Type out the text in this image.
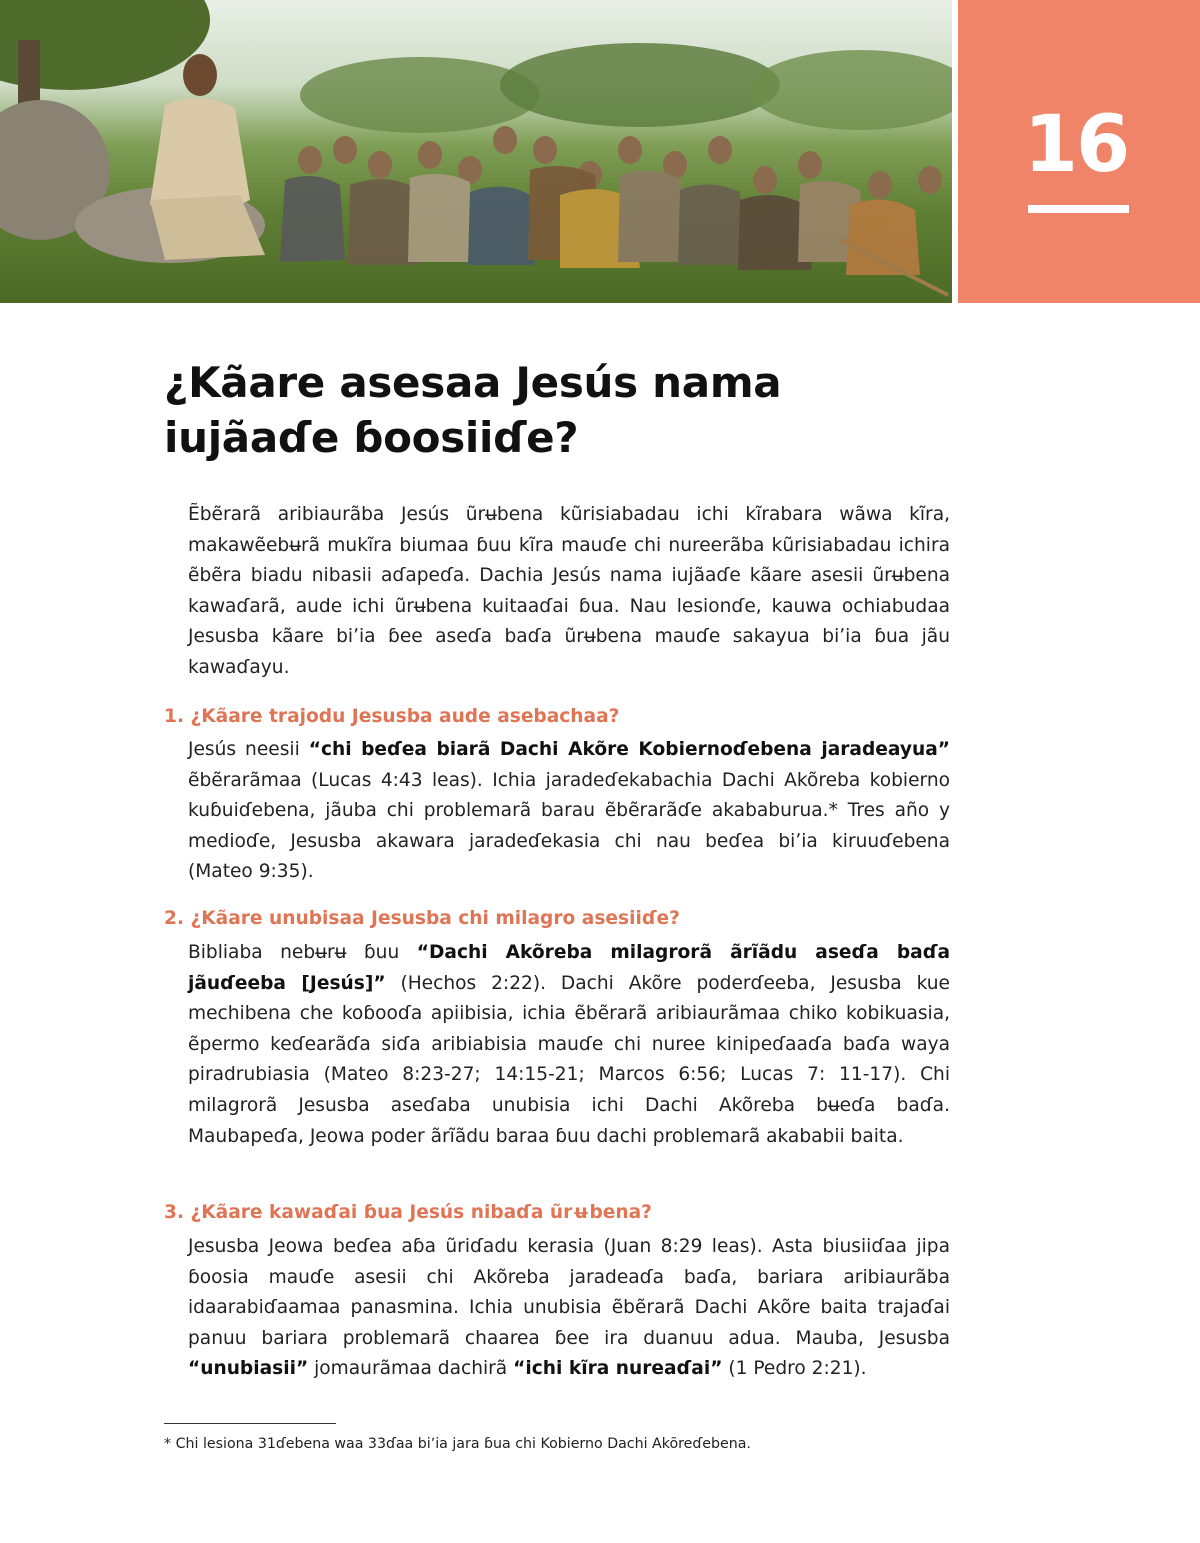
16
¿Kãare asesaa Jesús nama iujãaɗe ɓoosiiɗe?

Ẽbẽrarã aribiaurãba Jesús ũrʉbena kũrisiabadau ichi kĩrabara wãwa kĩra, makawẽebʉrã mukĩra biumaa ɓuu kĩra mauɗe chi nureerãba kũrisiabadau ichira ẽbẽra biadu nibasii aɗapeɗa. Dachia Jesús nama iujãaɗe kãare asesii ũrʉbena kawaɗarã, aude ichi ũrʉbena kuitaaɗai ɓua. Nau lesionɗe, kauwa ochiabudaa Jesusba kãare biʼia ɓee aseɗa baɗa ũrʉbena mauɗe sakayua biʼia ɓua jãu kawaɗayu.

1. ¿Kãare trajodu Jesusba aude asebachaa?

Jesús neesii “chi beɗea biarã Dachi Akõre Kobiernoɗebena jaradeayua” ẽbẽrarãmaa (Lucas 4:43 leas). Ichia jaradeɗekabachia Dachi Akõreba kobierno kuɓuiɗebena, jãuba chi problemarã barau ẽbẽrarãɗe akababurua.* Tres año y medioɗe, Jesusba akawara jaradeɗekasia chi nau beɗea biʼia kiruuɗebena (Mateo 9:35).

2. ¿Kãare unubisaa Jesusba chi milagro asesiiɗe?

Bibliaba nebʉrʉ ɓuu “Dachi Akõreba milagrorã ãrĩãdu aseɗa baɗa jãuɗeeba [Jesús]” (Hechos 2:22). Dachi Akõre poderɗeeba, Jesusba kue mechibena che koɓooɗa apiibisia, ichia ẽbẽrarã aribiaurãmaa chiko kobikuasia, ẽpermo keɗearãɗa siɗa aribiabisia mauɗe chi nuree kinipeɗaaɗa baɗa waya piradrubiasia (Mateo 8:23-27; 14:15-21; Marcos 6:56; Lucas 7: 11-17). Chi milagrorã Jesusba aseɗaba unubisia ichi Dachi Akõreba bʉeɗa baɗa. Maubapeɗa, Jeowa poder ãrĩãdu baraa ɓuu dachi problemarã akababii baita.

3. ¿Kãare kawaɗai ɓua Jesús nibaɗa ũrʉbena?

Jesusba Jeowa beɗea aɓa ũriɗadu kerasia (Juan 8:29 leas). Asta biusiiɗaa jipa ɓoosia mauɗe asesii chi Akõreba jaradeaɗa baɗa, bariara aribiaurãba idaarabiɗaamaa panasmina. Ichia unubisia ẽbẽrarã Dachi Akõre baita trajaɗai panuu bariara problemarã chaarea ɓee ira duanuu adua. Mauba, Jesusba “unubiasii” jomaurãmaa dachirã “ichi kĩra nureaɗai” (1 Pedro 2:21).

* Chi lesiona 31ɗebena waa 33ɗaa biʼia jara ɓua chi Kobierno Dachi Akõreɗebena.
